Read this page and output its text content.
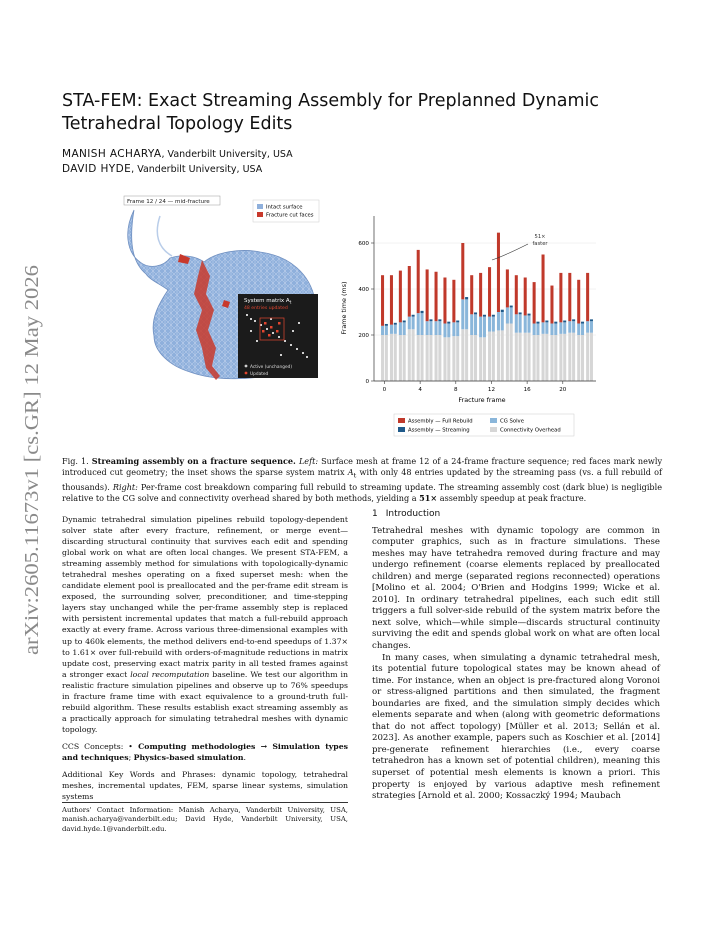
arXiv:2605.11673v1 [cs.GR] 12 May 2026
STA-FEM: Exact Streaming Assembly for Preplanned Dynamic Tetrahedral Topology Edits
MANISH ACHARYA, Vanderbilt University, USA
DAVID HYDE, Vanderbilt University, USA
Frame 12 / 24 — mid-fracture
Intact surface
Fracture cut faces
System matrix $A_t$
48 entries updated
Active (unchanged)
Updated
0
200
400
600
0	4	8	12	16	20
Frame time (ms)
Fracture frame
51×
faster
Assembly — Full Rebuild	CG Solve
Assembly — Streaming	Connectivity Overhead
Fig. 1. Streaming assembly on a fracture sequence. Left: Surface mesh at frame 12 of a 24-frame fracture sequence; red faces mark newly introduced cut geometry; the inset shows the sparse system matrix $A_t$ with only 48 entries updated by the streaming pass (vs. a full rebuild of thousands). Right: Per-frame cost breakdown comparing full rebuild to streaming update. The streaming assembly cost (dark blue) is negligible relative to the CG solve and connectivity overhead shared by both methods, yielding a 51× assembly speedup at peak fracture.

Dynamic tetrahedral simulation pipelines rebuild topology-dependent solver state after every fracture, refinement, or merge event—discarding structural continuity that survives each edit and spending global work on what are often local changes. We present STA-FEM, a streaming assembly method for simulations with topologically-dynamic tetrahedral meshes operating on a fixed superset mesh: when the candidate element pool is preallocated and the per-frame edit stream is exposed, the surrounding solver, preconditioner, and time-stepping layers stay unchanged while the per-frame assembly step is replaced with persistent incremental updates that match a full-rebuild approach exactly at every frame. Across various three-dimensional examples with up to 460k elements, the method delivers end-to-end speedups of 1.37× to 1.61× over full-rebuild with orders-of-magnitude reductions in matrix update cost, preserving exact matrix parity in all tested frames against a stronger exact local recomputation baseline. We test our algorithm in realistic fracture simulation pipelines and observe up to 76% speedups in fracture frame time with exact equivalence to a ground-truth full-rebuild algorithm. These results establish exact streaming assembly as a practically approach for simulating tetrahedral meshes with dynamic topology.

CCS Concepts: • Computing methodologies → Simulation types and techniques; Physics-based simulation.

Additional Key Words and Phrases: dynamic topology, tetrahedral meshes, incremental updates, FEM, sparse linear systems, simulation systems

Authors' Contact Information: Manish Acharya, Vanderbilt University, USA, manish.acharya@vanderbilt.edu; David Hyde, Vanderbilt University, USA, david.hyde.1@vanderbilt.edu.

1 Introduction

Tetrahedral meshes with dynamic topology are common in computer graphics, such as in fracture simulations. These meshes may have tetrahedra removed during fracture and may undergo refinement (coarse elements replaced by preallocated children) and merge (separated regions reconnected) operations [Molino et al. 2004; O'Brien and Hodgins 1999; Wicke et al. 2010]. In ordinary tetrahedral pipelines, each such edit still triggers a full solver-side rebuild of the system matrix before the next solve, which—while simple—discards structural continuity surviving the edit and spends global work on what are often local changes.

In many cases, when simulating a dynamic tetrahedral mesh, its potential future topological states may be known ahead of time. For instance, when an object is pre-fractured along Voronoi or stress-aligned partitions and then simulated, the fragment boundaries are fixed, and the simulation simply decides which elements separate and when (along with geometric deformations that do not affect topology) [Müller et al. 2013; Sellán et al. 2023]. As another example, papers such as Koschier et al. [2014] pre-generate refinement hierarchies (i.e., every coarse tetrahedron has a known set of potential children), meaning this superset of potential mesh elements is known a priori. This property is enjoyed by various adaptive mesh refinement strategies [Arnold et al. 2000; Kossaczký 1994; Maubach
